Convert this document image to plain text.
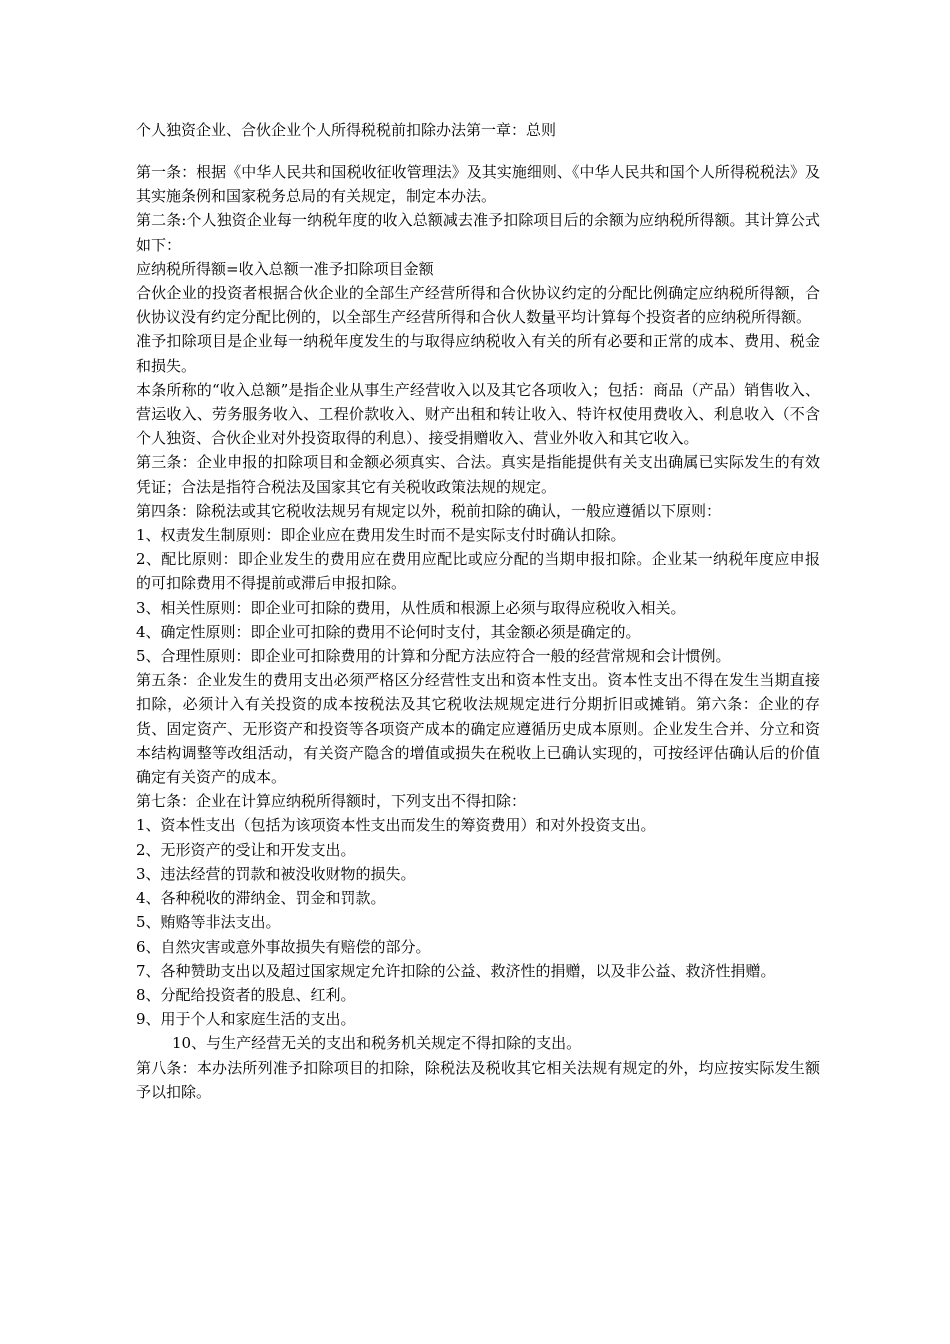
个人独资企业、合伙企业个人所得税税前扣除办法第一章：总则

第一条：根据《中华人民共和国税收征收管理法》及其实施细则、《中华人民共和国个人所得税税法》及其实施条例和国家税务总局的有关规定，制定本办法。

第二条:个人独资企业每一纳税年度的收入总额减去准予扣除项目后的余额为应纳税所得额。其计算公式如下：

应纳税所得额=收入总额一准予扣除项目金额

合伙企业的投资者根据合伙企业的全部生产经营所得和合伙协议约定的分配比例确定应纳税所得额，合伙协议没有约定分配比例的，以全部生产经营所得和合伙人数量平均计算每个投资者的应纳税所得额。

准予扣除项目是企业每一纳税年度发生的与取得应纳税收入有关的所有必要和正常的成本、费用、税金和损失。

本条所称的“收入总额”是指企业从事生产经营收入以及其它各项收入；包括：商品（产品）销售收入、营运收入、劳务服务收入、工程价款收入、财产出租和转让收入、特许权使用费收入、利息收入（不含个人独资、合伙企业对外投资取得的利息）、接受捐赠收入、营业外收入和其它收入。

第三条：企业申报的扣除项目和金额必须真实、合法。真实是指能提供有关支出确属已实际发生的有效凭证；合法是指符合税法及国家其它有关税收政策法规的规定。

第四条：除税法或其它税收法规另有规定以外，税前扣除的确认，一般应遵循以下原则：

1、权责发生制原则：即企业应在费用发生时而不是实际支付时确认扣除。

2、配比原则：即企业发生的费用应在费用应配比或应分配的当期申报扣除。企业某一纳税年度应申报的可扣除费用不得提前或滞后申报扣除。

3、相关性原则：即企业可扣除的费用，从性质和根源上必须与取得应税收入相关。

4、确定性原则：即企业可扣除的费用不论何时支付，其金额必须是确定的。

5、合理性原则：即企业可扣除费用的计算和分配方法应符合一般的经营常规和会计惯例。

第五条：企业发生的费用支出必须严格区分经营性支出和资本性支出。资本性支出不得在发生当期直接扣除，必须计入有关投资的成本按税法及其它税收法规规定进行分期折旧或摊销。第六条：企业的存货、固定资产、无形资产和投资等各项资产成本的确定应遵循历史成本原则。企业发生合并、分立和资本结构调整等改组活动，有关资产隐含的增值或损失在税收上已确认实现的，可按经评估确认后的价值确定有关资产的成本。

第七条：企业在计算应纳税所得额时，下列支出不得扣除：

1、资本性支出（包括为该项资本性支出而发生的筹资费用）和对外投资支出。

2、无形资产的受让和开发支出。

3、违法经营的罚款和被没收财物的损失。

4、各种税收的滞纳金、罚金和罚款。

5、贿赂等非法支出。

6、自然灾害或意外事故损失有赔偿的部分。

7、各种赞助支出以及超过国家规定允许扣除的公益、救济性的捐赠，以及非公益、救济性捐赠。

8、分配给投资者的股息、红利。

9、用于个人和家庭生活的支出。

10、与生产经营无关的支出和税务机关规定不得扣除的支出。

第八条：本办法所列准予扣除项目的扣除，除税法及税收其它相关法规有规定的外，均应按实际发生额予以扣除。
